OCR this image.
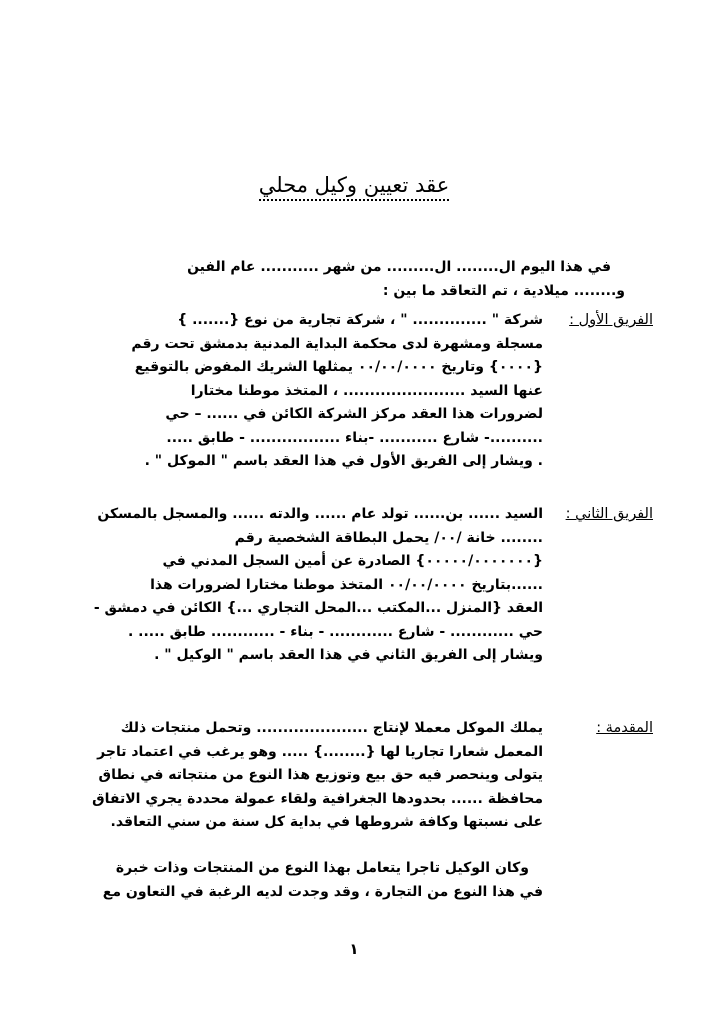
عقد تعيين وكيل محلي
في هذا اليوم ال........ ال......... من شهر ........... عام الفين
و........ ميلادية ، تم التعاقد ما بين :
الفريق الأول :
شركة " .............. " ، شركة تجارية من نوع {....... }
مسجلة ومشهرة لدى محكمة البداية المدنية بدمشق تحت رقم
{٠٠٠٠} وتاريخ ٠٠/٠٠/٠٠٠٠ يمثلها الشريك المفوض بالتوقيع
عنها السيد ....................... ، المتخذ موطنا مختارا
لضرورات هذا العقد مركز الشركة الكائن في ...... – حي
..........- شارع ........... -بناء ................. - طابق .....
. ويشار إلى الفريق الأول في هذا العقد باسم " الموكل " .
الفريق الثاني :
السيد ...... بن...... تولد عام ...... والدته ...... والمسجل بالمسكن
........ خانة /٠٠/ يحمل البطاقة الشخصية رقم
{٠٠٠٠٠/٠٠٠٠٠٠٠} الصادرة عن أمين السجل المدني في
......بتاريخ ٠٠/٠٠/٠٠٠٠ المتخذ موطنا مختارا لضرورات هذا
العقد {المنزل ...المكتب ...المحل التجاري ...} الكائن في دمشق -
حي ............ - شارع ............ - بناء - ............ طابق ..... .
ويشار إلى الفريق الثاني في هذا العقد باسم " الوكيل " .
المقدمة :
يملك الموكل معملا لإنتاج ..................... وتحمل منتجات ذلك
المعمل شعارا تجاريا لها {........} ..... وهو يرغب في اعتماد تاجر
يتولى وينحصر فيه حق بيع وتوزيع هذا النوع من منتجاته في نطاق
محافظة ...... بحدودها الجغرافية ولقاء عمولة محددة يجري الاتفاق
على نسبتها وكافة شروطها في بداية كل سنة من سني التعاقد.
وكان الوكيل تاجرا يتعامل بهذا النوع من المنتجات وذات خبرة
في هذا النوع من التجارة ، وقد وجدت لديه الرغبة في التعاون مع
١
